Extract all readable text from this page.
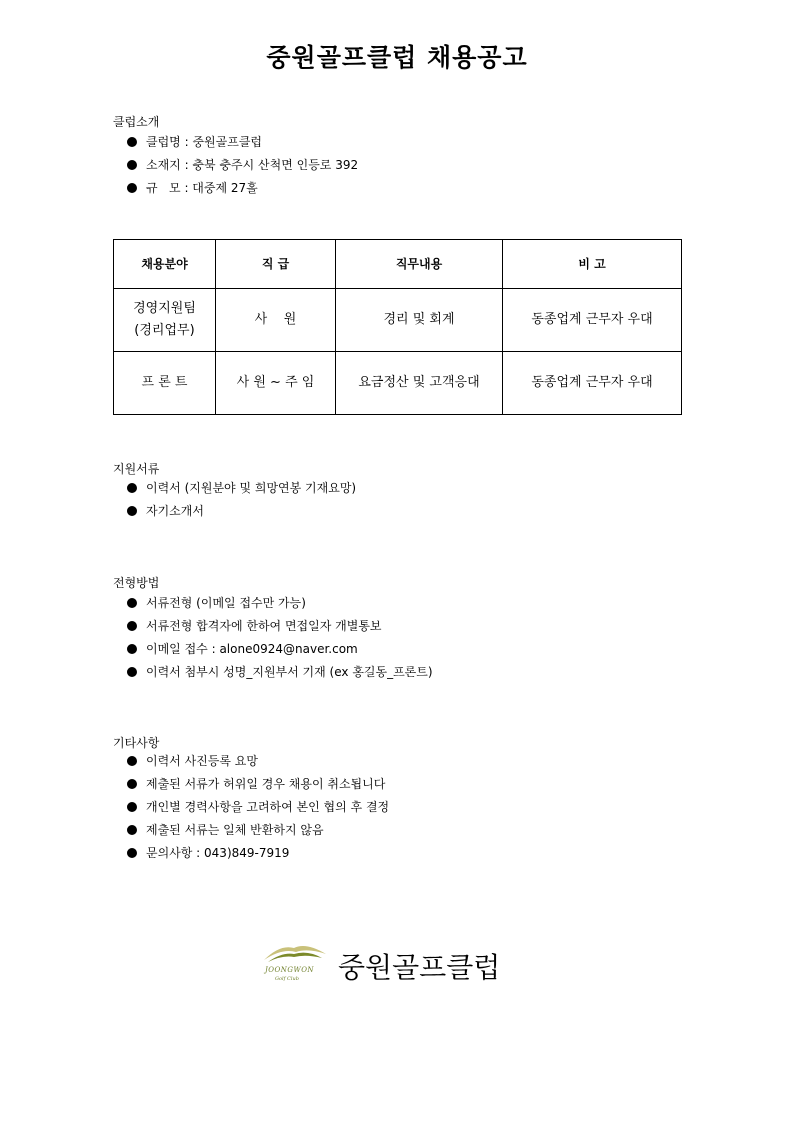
중원골프클럽 채용공고
클럽소개
클럽명 : 중원골프클럽
소재지 : 충북 충주시 산척면 인등로 392
규   모 : 대중제 27홀
채용분야	직 급	직무내용	비 고
경영지원팀
(경리업무)	사    원	경리 및 회계	동종업계 근무자 우대
프 론 트	사 원 ~ 주 임	요금정산 및 고객응대	동종업계 근무자 우대
지원서류
이력서 (지원분야 및 희망연봉 기재요망)
자기소개서
전형방법
서류전형 (이메일 접수만 가능)
서류전형 합격자에 한하여 면접일자 개별통보
이메일 접수 : alone0924@naver.com
이력서 첨부시 성명_지원부서 기재 (ex 홍길동_프론트)
기타사항
이력서 사진등록 요망
제출된 서류가 허위일 경우 채용이 취소됩니다
개인별 경력사항을 고려하여 본인 협의 후 결정
제출된 서류는 일체 반환하지 않음
문의사항 : 043)849-7919
JOONGWON
Golf Club 중원골프클럽
